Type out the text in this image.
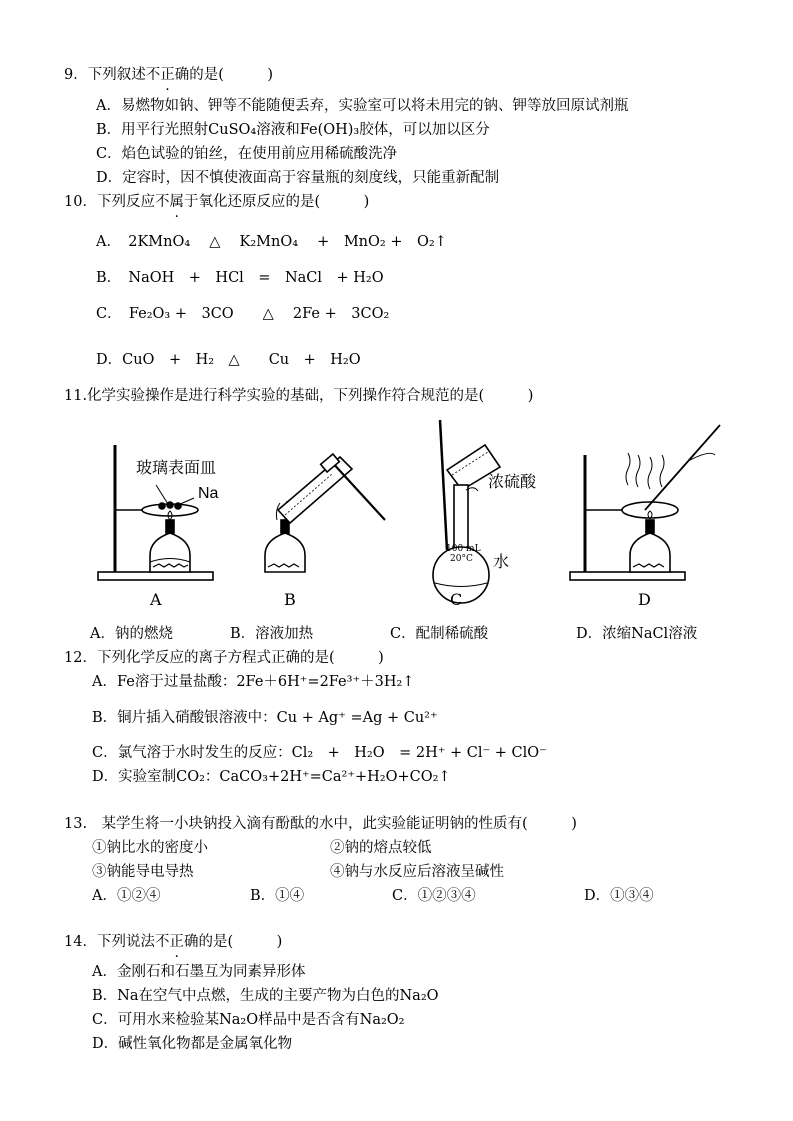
9．下列叙述不正确的是(　　　)
A．易燃物如钠、钾等不能随便丢弃，实验室可以将未用完的钠、钾等放回原试剂瓶
B．用平行光照射CuSO₄溶液和Fe(OH)₃胶体，可以加以区分
C．焰色试验的铂丝，在使用前应用稀硫酸洗净
D．定容时，因不慎使液面高于容量瓶的刻度线，只能重新配制
10．下列反应不属于氧化还原反应的是(　　　)
A．　2KMnO₄　 △　 K₂MnO₄　 +　MnO₂ +　O₂↑
B．　NaOH　+　HCl　=　NaCl　+ H₂O
C．　Fe₂O₃ +　3CO　　△　 2Fe +　3CO₂
D．CuO　+　H₂　△　　Cu　+　H₂O
11.化学实验操作是进行科学实验的基础，下列操作符合规范的是(　　　)
玻璃表面皿
Na
浓硫酸
水
100 mL
20°C
A	B	C	D
A．钠的燃烧	B．溶液加热	C．配制稀硫酸	D．浓缩NaCl溶液
12．下列化学反应的离子方程式正确的是(　　　)
A．Fe溶于过量盐酸：2Fe＋6H⁺=2Fe³⁺＋3H₂↑
B．铜片插入硝酸银溶液中：Cu + Ag⁺ =Ag + Cu²⁺
C．氯气溶于水时发生的反应：Cl₂　+　H₂O　= 2H⁺ + Cl⁻ + ClO⁻
D．实验室制CO₂：CaCO₃+2H⁺=Ca²⁺+H₂O+CO₂↑
13.　某学生将一小块钠投入滴有酚酞的水中，此实验能证明钠的性质有(　　　)
①钠比水的密度小	②钠的熔点较低
③钠能导电导热	④钠与水反应后溶液呈碱性
A．①②④	B．①④	C．①②③④	D．①③④
14．下列说法不正确的是(　　　)
A．金刚石和石墨互为同素异形体
B．Na在空气中点燃，生成的主要产物为白色的Na₂O
C．可用水来检验某Na₂O样品中是否含有Na₂O₂
D．碱性氧化物都是金属氧化物
